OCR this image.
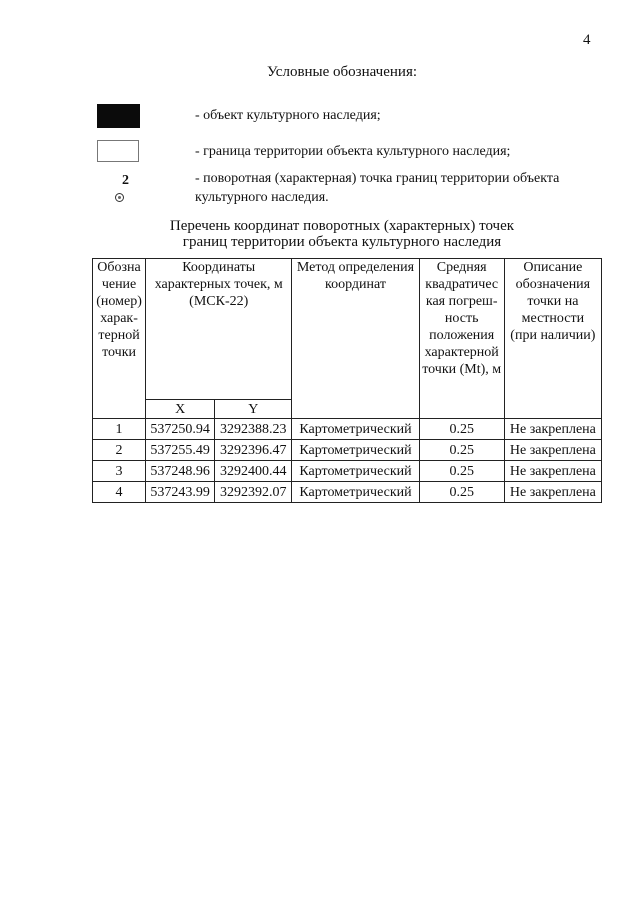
4
Условные обозначения:
- объект культурного наследия;
- граница территории объекта культурного наследия;
2	- поворотная (характерная) точка границ территории объекта культурного наследия.
Перечень координат поворотных (характерных) точек
границ территории объекта культурного наследия
Обозна чение (номер) харак- терной точки	Координаты характерных точек, м (МСК-22)		Метод определения координат	Средняя квадратичес кая погреш- ность положения характерной точки (Mt), м	Описание обозначения точки на местности (при наличии)
	X	Y			
1	537250.94	3292388.23	Картометрический	0.25	Не закреплена
2	537255.49	3292396.47	Картометрический	0.25	Не закреплена
3	537248.96	3292400.44	Картометрический	0.25	Не закреплена
4	537243.99	3292392.07	Картометрический	0.25	Не закреплена
